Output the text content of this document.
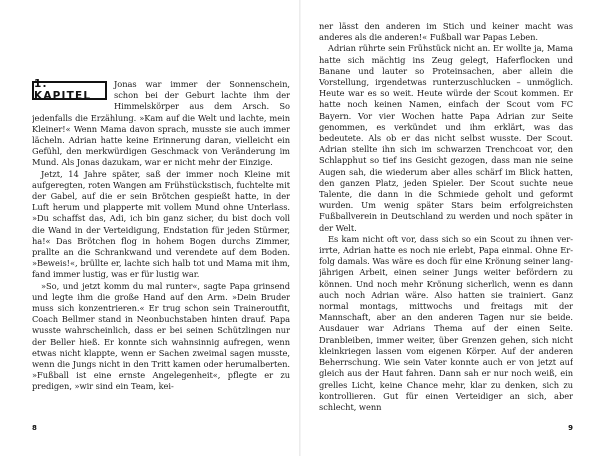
1. KAPITEL

Jonas war immer der Sonnenschein, schon bei der Geburt lachte ihm der Himmelskörper aus dem Arsch. So jedenfalls die Erzählung. »Kam auf die Welt und lachte, mein Kleiner!« Wenn Mama davon sprach, musste sie auch immer lächeln. Adrian hatte keine Erinnerung daran, vielleicht ein Gefühl, den merkwürdigen Geschmack von Veränderung im Mund. Als Jonas dazukam, war er nicht mehr der Einzige.

Jetzt, 14 Jahre später, saß der immer noch Kleine mit aufgeregten, roten Wangen am Frühstückstisch, fuchtelte mit der Gabel, auf die er sein Brötchen gespießt hatte, in der Luft herum und plapperte mit vollem Mund ohne Unterlass. »Du schaffst das, Adi, ich bin ganz sicher, du bist doch voll die Wand in der Verteidigung, Endstation für jeden Stürmer, ha!« Das Brötchen flog in hohem Bogen durchs Zimmer, prallte an die Schrankwand und verendete auf dem Boden. »Beweis!«, brüllte er, lachte sich halb tot und Mama mit ihm, fand immer lustig, was er für lustig war.

»So, und jetzt komm du mal runter«, sagte Papa grinsend und legte ihm die große Hand auf den Arm. »Dein Bruder muss sich konzentrieren.« Er trug schon sein Traineroutfit, Coach Bellmer stand in Neonbuchstaben hinten drauf. Papa wusste wahrscheinlich, dass er bei seinen Schützlingen nur der Beller hieß. Er konnte sich wahnsinnig aufregen, wenn etwas nicht klappte, wenn er Sachen zweimal sagen musste, wenn die Jungs nicht in den Tritt kamen oder herumalberten. »Fußball ist eine ernste Angelegenheit«, pflegte er zu predigen, »wir sind ein Team, kei-

8

ner lässt den anderen im Stich und keiner macht was anderes als die anderen!« Fußball war Papas Leben.

Adrian rührte sein Frühstück nicht an. Er wollte ja, Mama hatte sich mächtig ins Zeug gelegt, Haferflocken und Banane und lauter so Proteinsachen, aber allein die Vorstellung, irgendetwas runterzuschlucken – unmöglich. Heute war es so weit. Heute würde der Scout kommen. Er hatte noch keinen Namen, einfach der Scout vom FC Bayern. Vor vier Wochen hatte Papa Adrian zur Seite genommen, es verkündet und ihm erklärt, was das bedeutete. Als ob er das nicht selbst wusste. Der Scout. Adrian stellte ihn sich im schwarzen Trenchcoat vor, den Schlapphut so tief ins Gesicht gezogen, dass man nie seine Augen sah, die wiederum aber alles schärf im Blick hatten, den ganzen Platz, jeden Spieler. Der Scout suchte neue Talente, die dann in die Schmiede geholt und geformt wurden. Um wenig später Stars beim erfolgreichsten Fußballverein in Deutschland zu werden und noch später in der Welt.

Es kam nicht oft vor, dass sich so ein Scout zu ihnen verirrte, Adrian hatte es noch nie erlebt, Papa einmal. Ohne Erfolg damals. Was wäre es doch für eine Krönung seiner langjährigen Arbeit, einen seiner Jungs weiter befördern zu können. Und noch mehr Krönung sicherlich, wenn es dann auch noch Adrian wäre. Also hatten sie trainiert. Ganz normal montags, mittwochs und freitags mit der Mannschaft, aber an den anderen Tagen nur sie beide. Ausdauer war Adrians Thema auf der einen Seite. Dranbleiben, immer weiter, über Grenzen gehen, sich nicht kleinkriegen lassen vom eigenen Körper. Auf der anderen Beherrschung. Wie sein Vater konnte auch er von jetzt auf gleich aus der Haut fahren. Dann sah er nur noch weiß, ein grelles Licht, keine Chance mehr, klar zu denken, sich zu kontrollieren. Gut für einen Verteidiger an sich, aber schlecht, wenn

9
